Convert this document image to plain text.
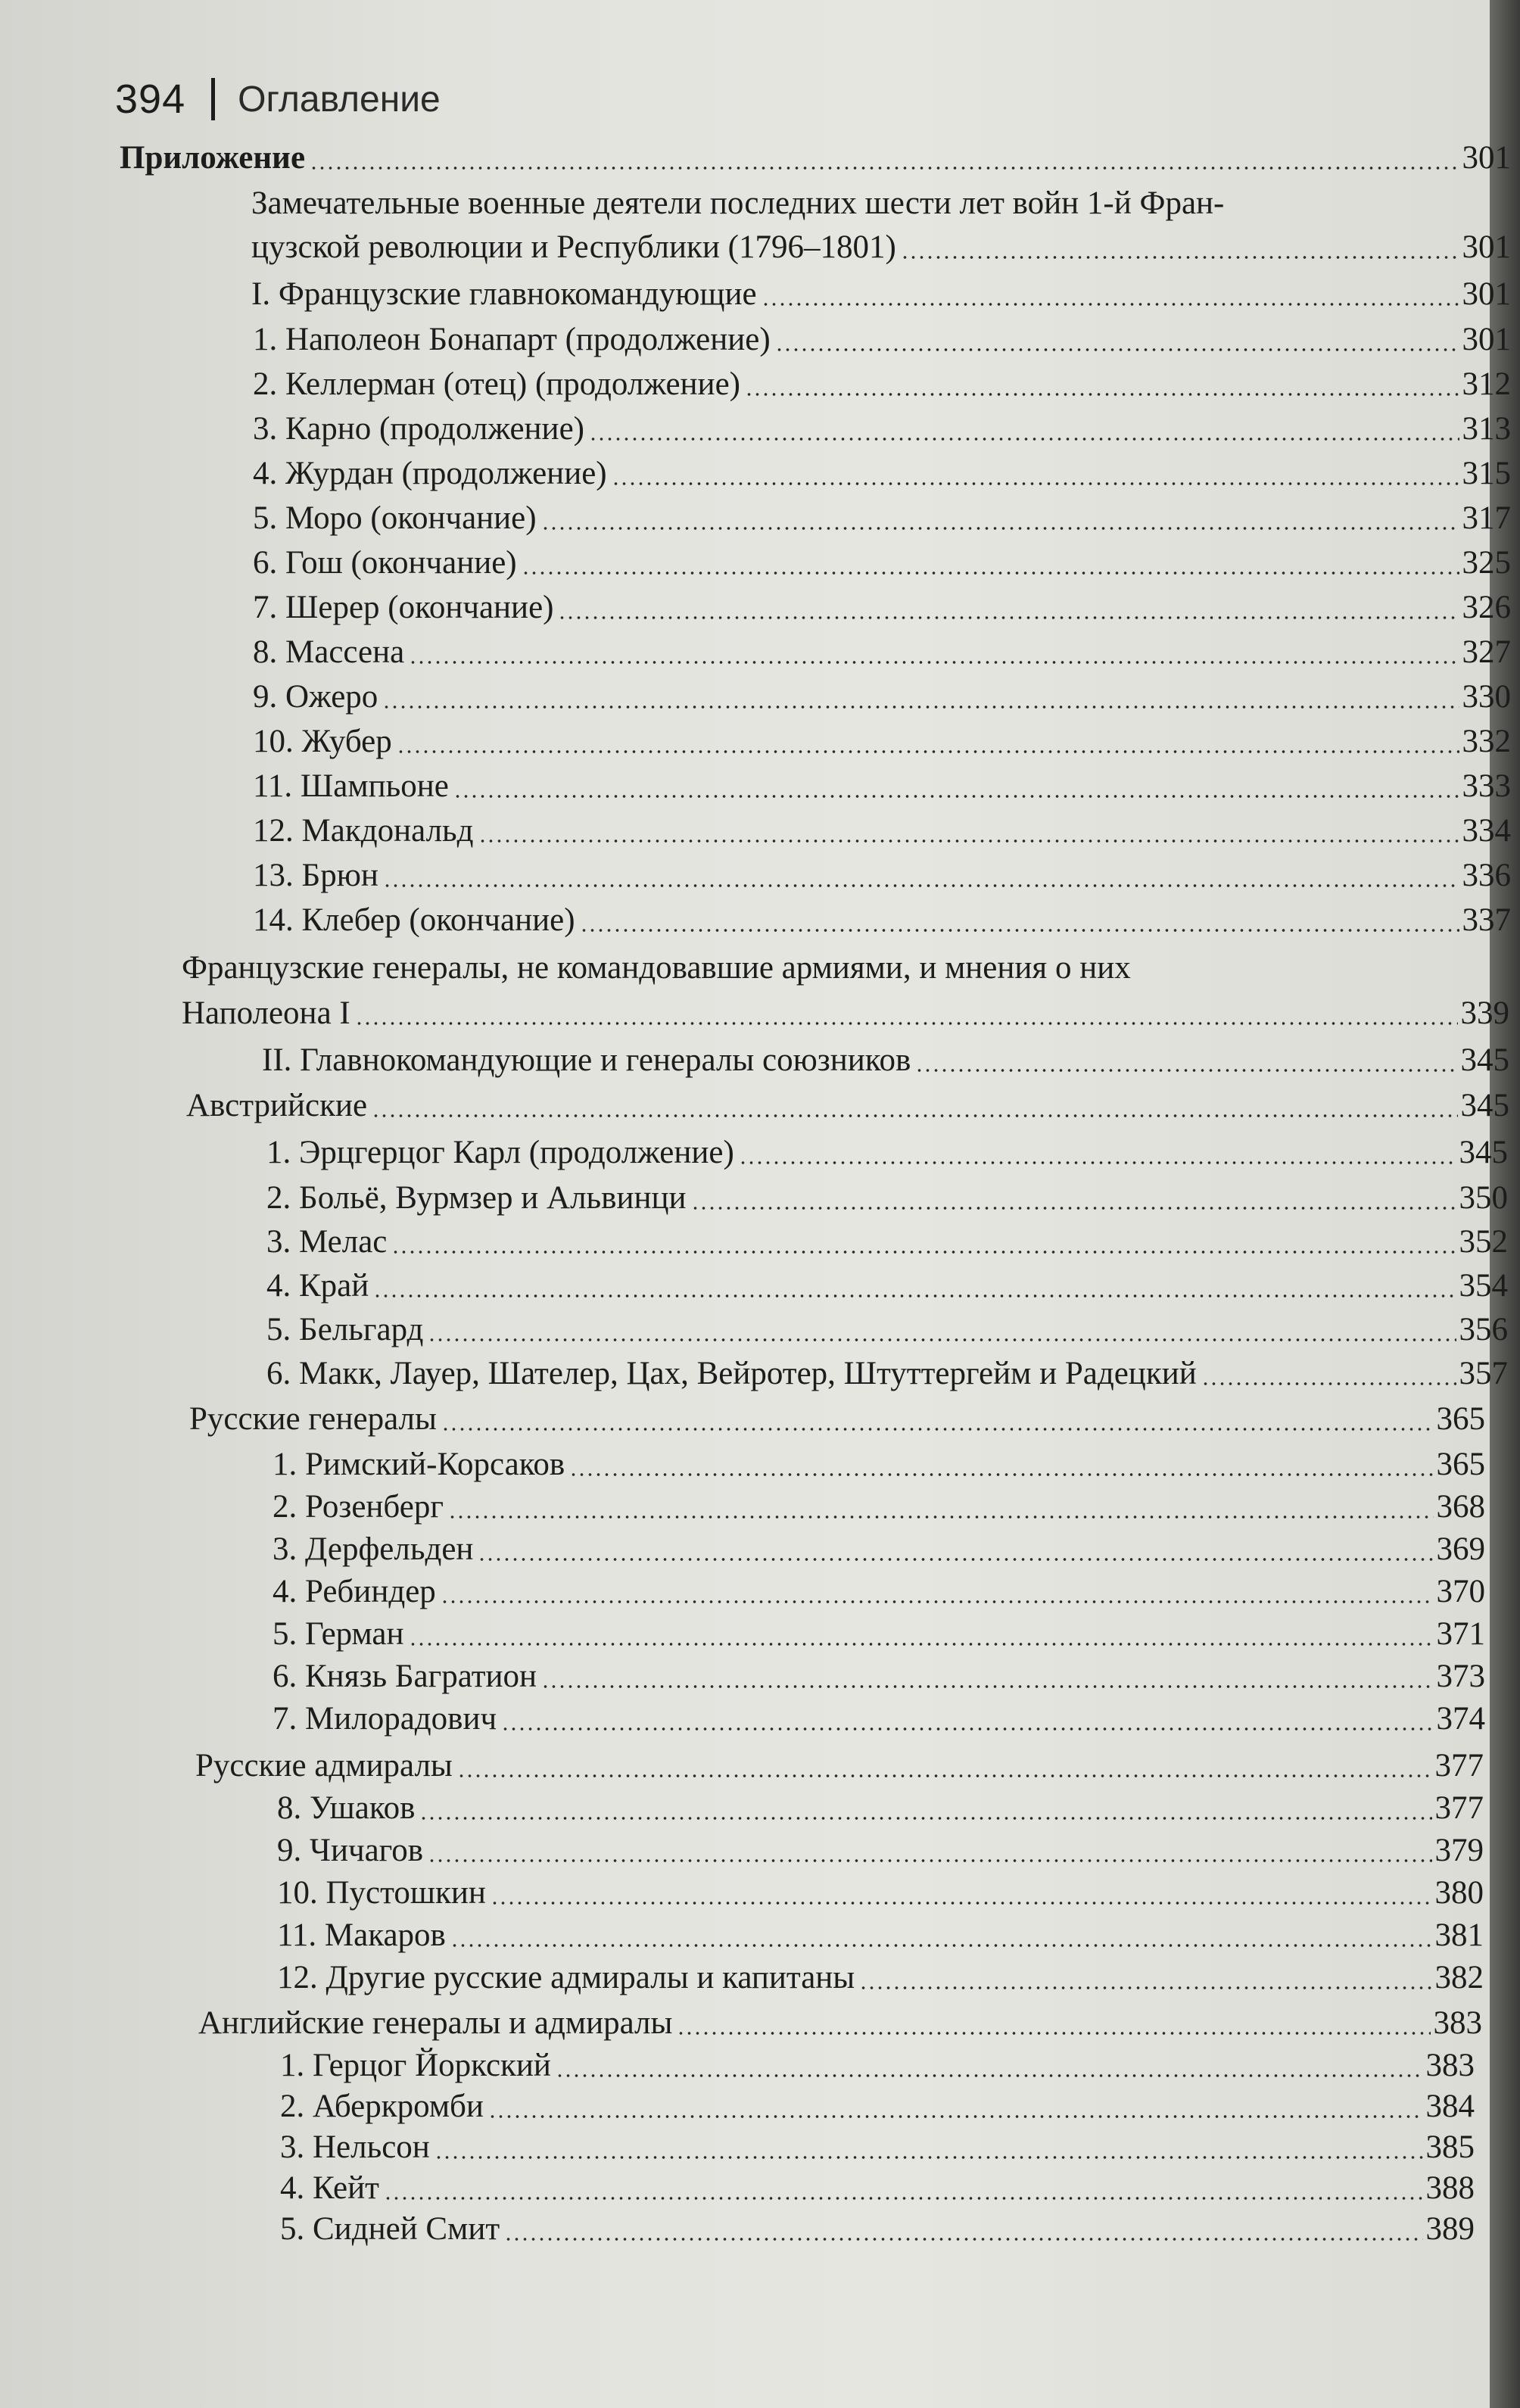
394 Оглавление
Приложение	301
Замечательные военные деятели последних шести лет войн 1-й Фран-
цузской революции и Республики (1796–1801)	301
I. Французские главнокомандующие	301
1. Наполеон Бонапарт (продолжение)	301
2. Келлерман (отец) (продолжение)	312
3. Карно (продолжение)	313
4. Журдан (продолжение)	315
5. Моро (окончание)	317
6. Гош (окончание)	325
7. Шерер (окончание)	326
8. Массена	327
9. Ожеро	330
10. Жубер	332
11. Шампьоне	333
12. Макдональд	334
13. Брюн	336
14. Клебер (окончание)	337
Французские генералы, не командовавшие армиями, и мнения о них
Наполеона I	339
II. Главнокомандующие и генералы союзников	345
Австрийские	345
1. Эрцгерцог Карл (продолжение)	345
2. Больё, Вурмзер и Альвинци	350
3. Мелас	352
4. Край	354
5. Бельгард	356
6. Макк, Лауер, Шателер, Цах, Вейротер, Штуттергейм и Радецкий	357
Русские генералы	365
1. Римский-Корсаков	365
2. Розенберг	368
3. Дерфельден	369
4. Ребиндер	370
5. Герман	371
6. Князь Багратион	373
7. Милорадович	374
Русские адмиралы	377
8. Ушаков	377
9. Чичагов	379
10. Пустошкин	380
11. Макаров	381
12. Другие русские адмиралы и капитаны	382
Английские генералы и адмиралы	383
1. Герцог Йоркский	383
2. Аберкромби	384
3. Нельсон	385
4. Кейт	388
5. Сидней Смит	389
